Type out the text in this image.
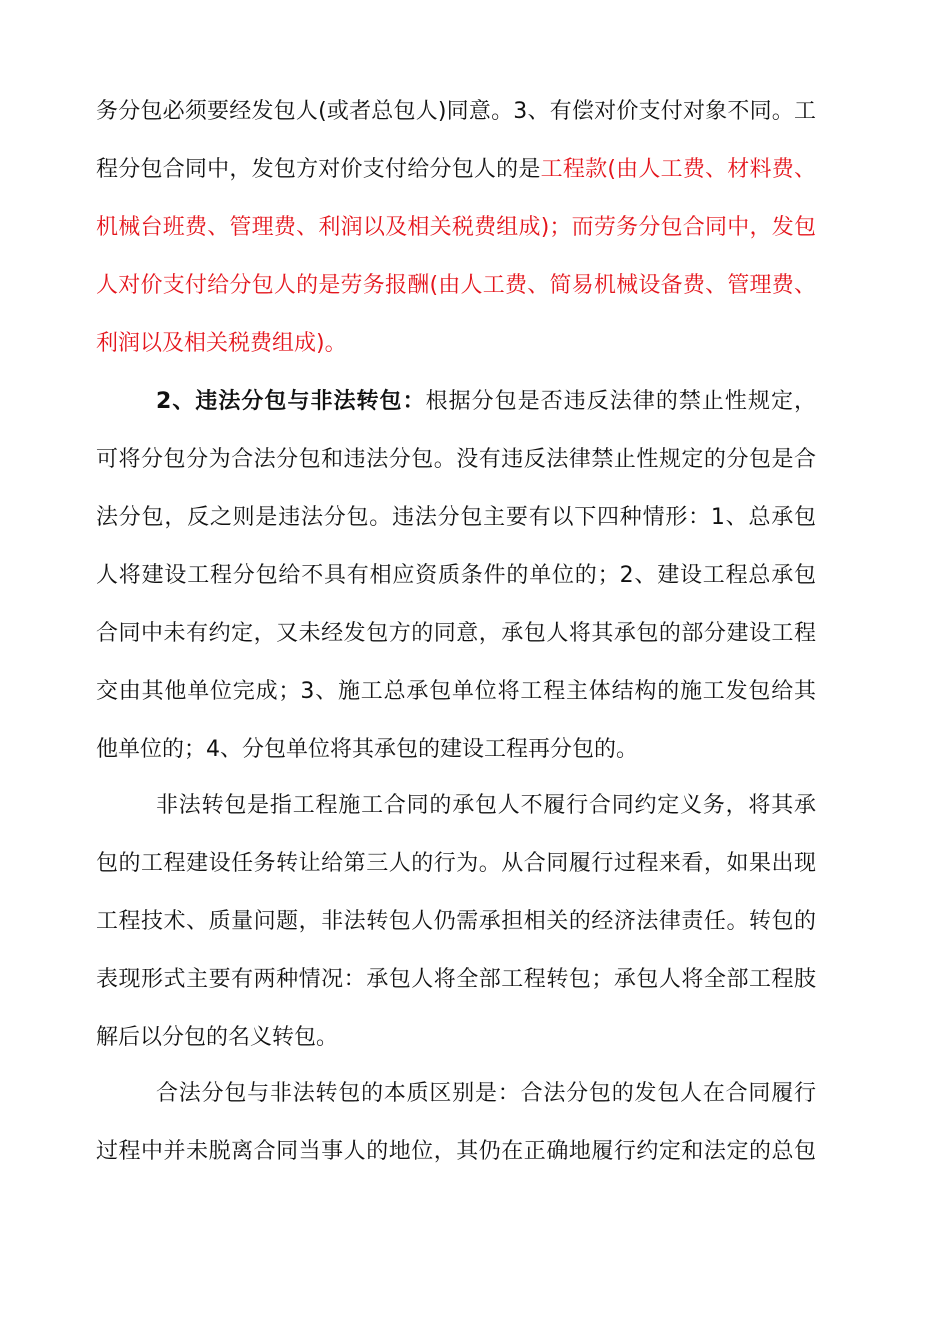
务分包必须要经发包人(或者总包人)同意。3、有偿对价支付对象不同。工
程分包合同中，发包方对价支付给分包人的是工程款(由人工费、材料费、
机械台班费、管理费、利润以及相关税费组成)；而劳务分包合同中，发包
人对价支付给分包人的是劳务报酬(由人工费、简易机械设备费、管理费、
利润以及相关税费组成)。
2、违法分包与非法转包：根据分包是否违反法律的禁止性规定，
可将分包分为合法分包和违法分包。没有违反法律禁止性规定的分包是合
法分包，反之则是违法分包。违法分包主要有以下四种情形：1、总承包
人将建设工程分包给不具有相应资质条件的单位的；2、建设工程总承包
合同中未有约定，又未经发包方的同意，承包人将其承包的部分建设工程
交由其他单位完成；3、施工总承包单位将工程主体结构的施工发包给其
他单位的；4、分包单位将其承包的建设工程再分包的。
非法转包是指工程施工合同的承包人不履行合同约定义务，将其承
包的工程建设任务转让给第三人的行为。从合同履行过程来看，如果出现
工程技术、质量问题，非法转包人仍需承担相关的经济法律责任。转包的
表现形式主要有两种情况：承包人将全部工程转包；承包人将全部工程肢
解后以分包的名义转包。
合法分包与非法转包的本质区别是：合法分包的发包人在合同履行
过程中并未脱离合同当事人的地位，其仍在正确地履行约定和法定的总包
